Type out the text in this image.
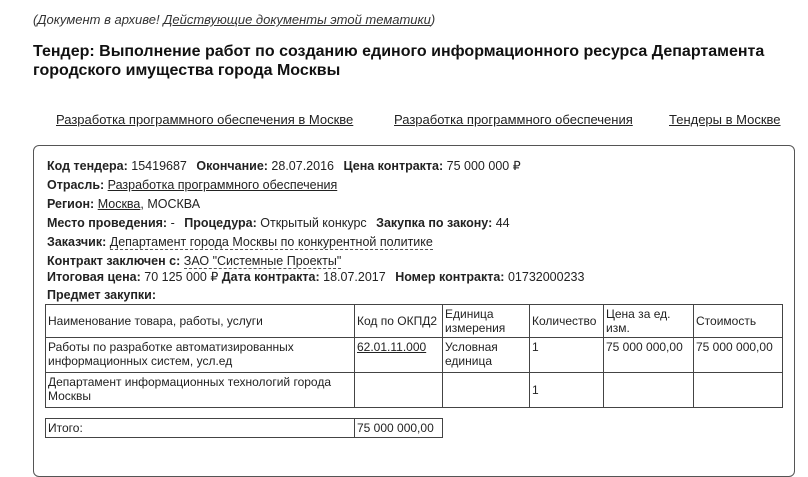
(Документ в архиве! Действующие документы этой тематики)
Тендер: Выполнение работ по созданию единого информационного ресурса Департамента городского имущества города Москвы
Разработка программного обеспечения в Москве	Разработка программного обеспечения	Тендеры в Москве
Код тендера: 15419687 Окончание: 28.07.2016 Цена контракта: 75 000 000 ₽
Отрасль: Разработка программного обеспечения
Регион: Москва, МОСКВА
Место проведения: - Процедура: Открытый конкурс Закупка по закону: 44
Заказчик: Департамент города Москвы по конкурентной политике
Контракт заключен с: ЗАО "Системные Проекты"
Итоговая цена: 70 125 000 ₽ Дата контракта: 18.07.2017 Номер контракта: 01732000233
Предмет закупки:
Наименование товара, работы, услуги	Код по ОКПД2	Единица измерения	Количество	Цена за ед. изм.	Стоимость
Работы по разработке автоматизированных информационных систем, усл.ед	62.01.11.000	Условная единица	1	75 000 000,00	75 000 000,00
Департамент информационных технологий города Москвы			1		
Итого:	75 000 000,00
